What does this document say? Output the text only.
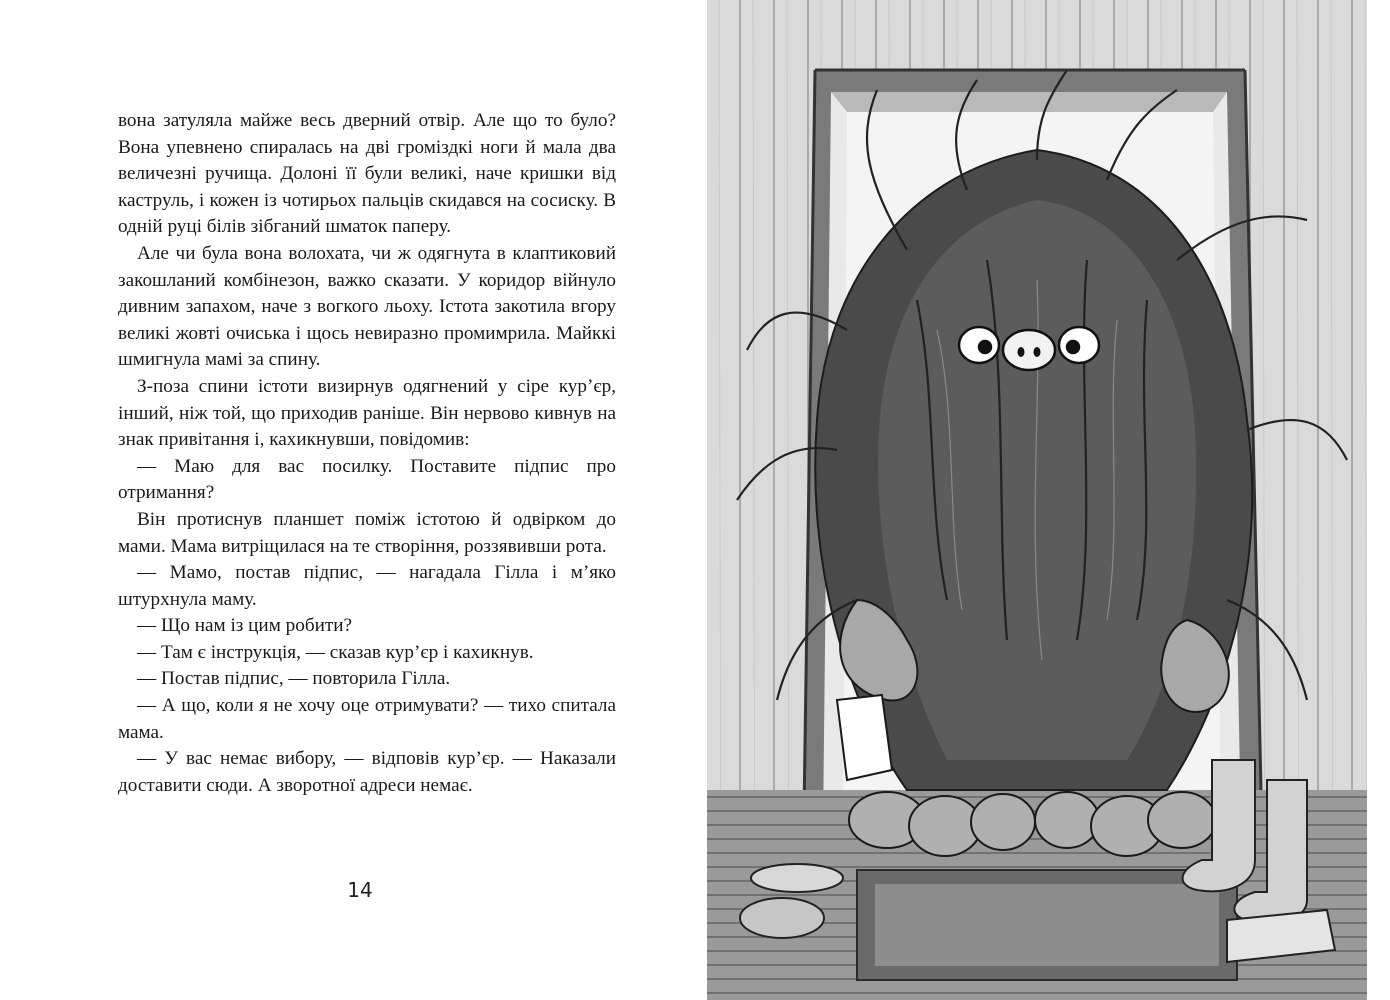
вона затуляла майже весь дверний отвір. Але що то було? Вона упевнено спиралась на дві громіздкі ноги й мала два величезні ручища. Долоні її були великі, наче кришки від каструль, і кожен із чотирьох пальців скидався на сосиску. В одній руці білів зібганий шматок паперу.

Але чи була вона волохата, чи ж одягнута в клаптиковий закошланий комбінезон, важко сказати. У коридор війнуло дивним запахом, наче з вогкого льоху. Істота закотила вгору великі жовті очиська і щось невиразно промимрила. Майккі шмигнула мамі за спину.

З-поза спини істоти визирнув одягнений у сіре кур’єр, інший, ніж той, що приходив раніше. Він нервово кивнув на знак привітання і, кахикнувши, повідомив:

— Маю для вас посилку. Поставите підпис про отримання?

Він протиснув планшет поміж істотою й одвірком до мами. Мама витріщилася на те створіння, роззявивши рота.

— Мамо, постав підпис, — нагадала Гілла і м’яко штурхнула маму.

— Що нам із цим робити?

— Там є інструкція, — сказав кур’єр і кахикнув.

— Постав підпис, — повторила Гілла.

— А що, коли я не хочу оце отримувати? — тихо спитала мама.

— У вас немає вибору, — відповів кур’єр. — Наказали доставити сюди. А зворотної адреси немає.

14
